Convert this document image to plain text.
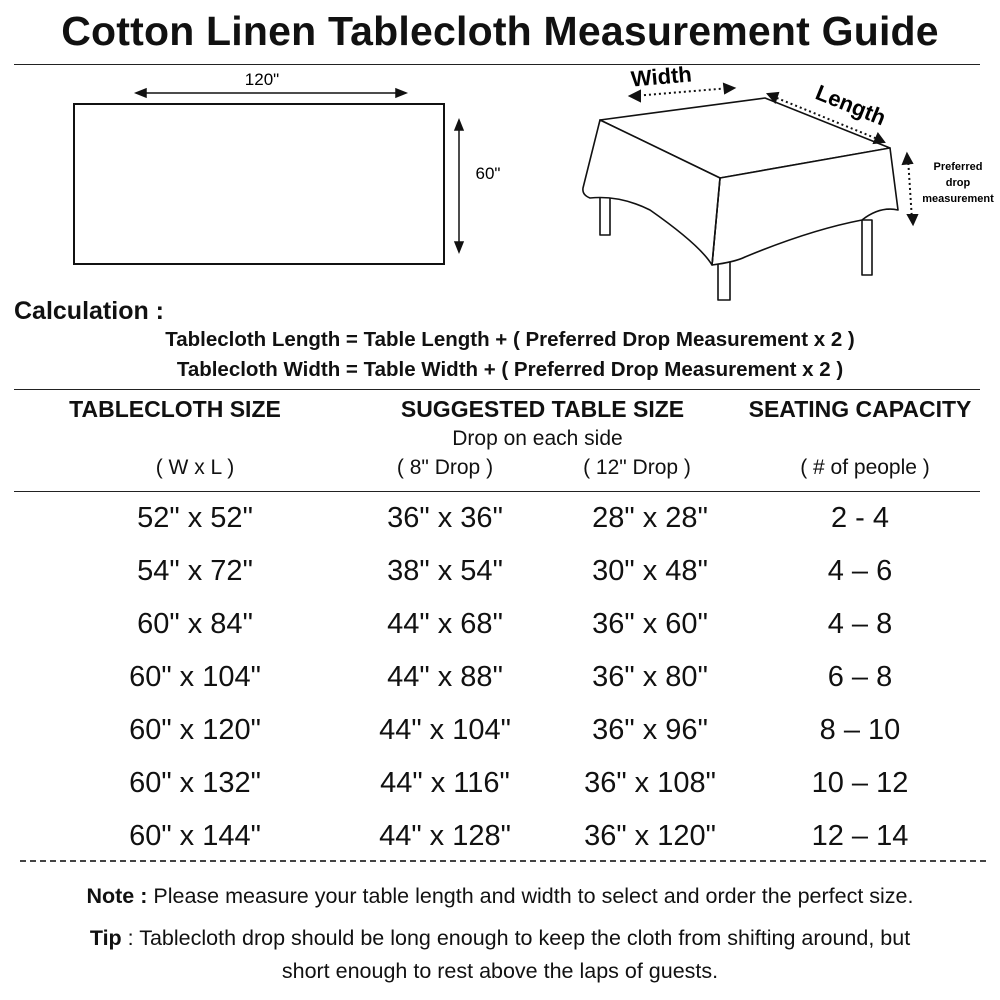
Cotton Linen Tablecloth Measurement Guide
120"
60"
Width
Length
Preferred
drop
measurement
Calculation :
Tablecloth Length = Table Length + ( Preferred Drop Measurement x 2 )
Tablecloth Width = Table Width + ( Preferred Drop Measurement x 2 )
TABLECLOTH SIZE	SUGGESTED TABLE SIZE	SEATING CAPACITY
Drop on each side
( W x L )	( 8" Drop )	( 12" Drop )	( # of people )
52" x 52"	36" x 36"	28" x 28"	2 - 4
54" x 72"	38" x 54"	30" x 48"	4 – 6
60" x 84"	44" x 68"	36" x 60"	4 – 8
60" x 104"	44" x 88"	36" x 80"	6 – 8
60" x 120"	44" x 104"	36" x 96"	8 – 10
60" x 132"	44" x 116"	36" x 108"	10 – 12
60" x 144"	44" x 128"	36" x 120"	12 – 14
Note : Please measure your table length and width to select and order the perfect size.
Tip : Tablecloth drop should be long enough to keep the cloth from shifting around, but
short enough to rest above the laps of guests.
